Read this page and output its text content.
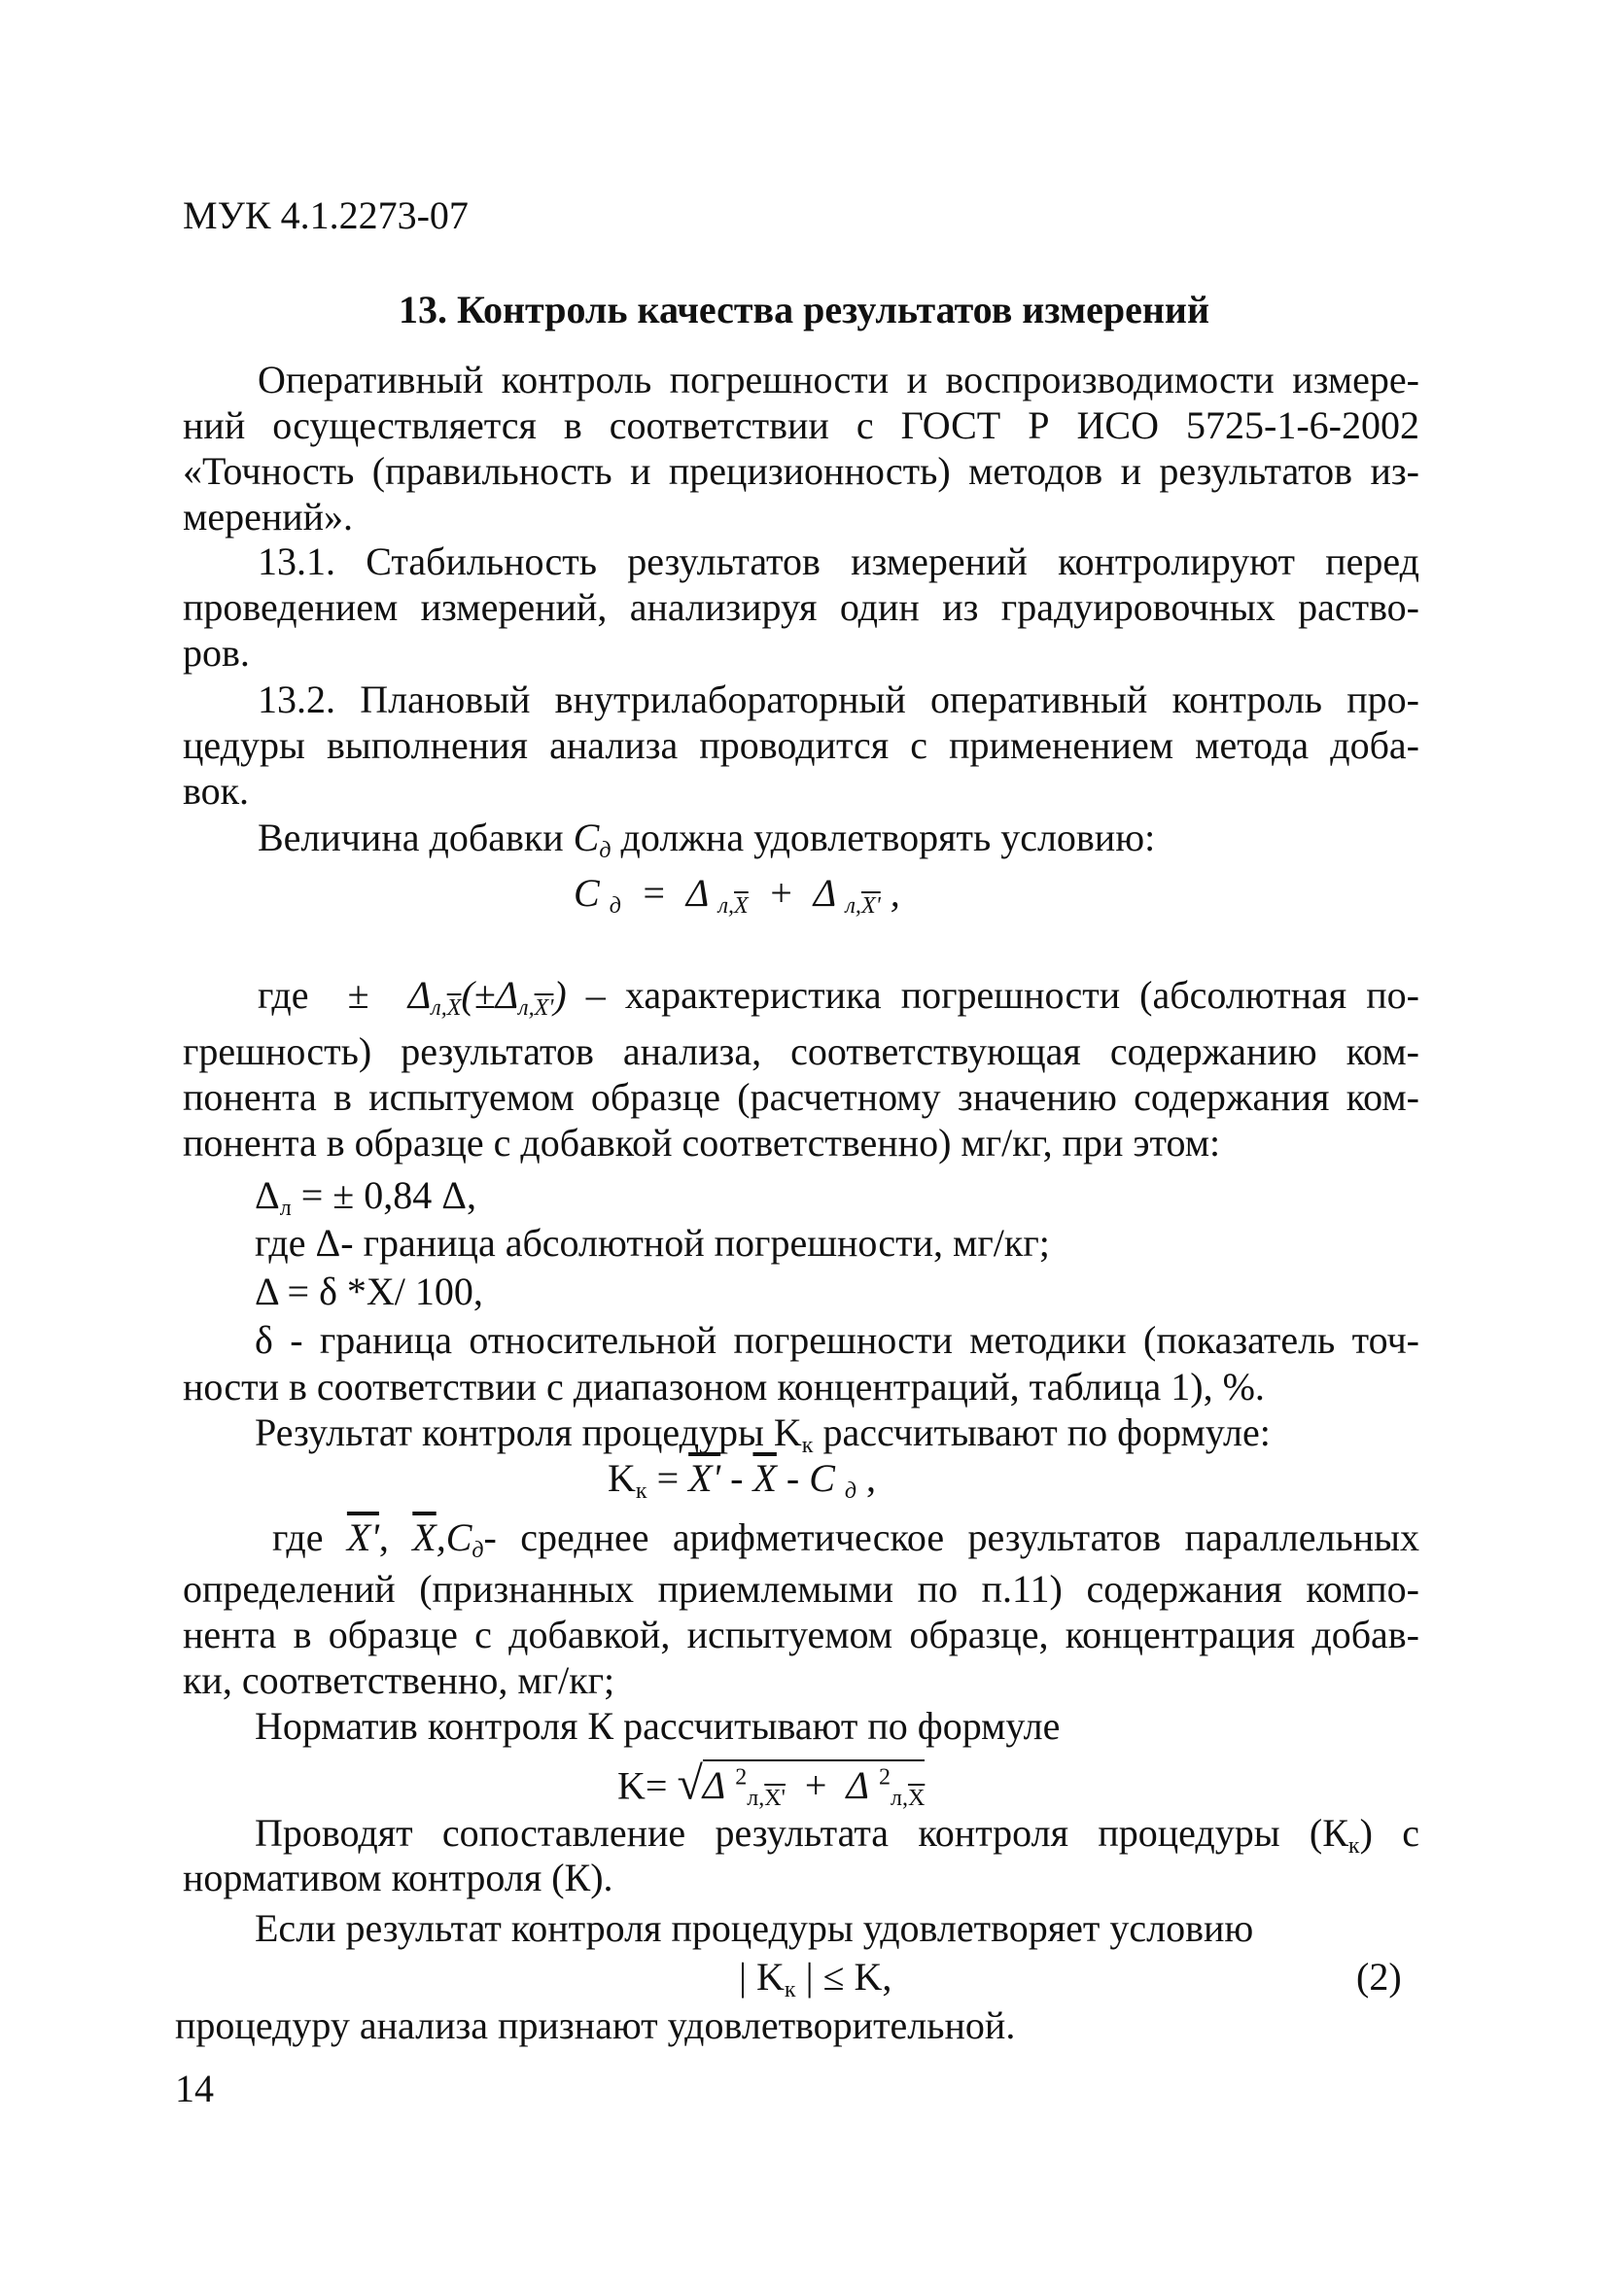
МУК 4.1.2273-07
13. Контроль качества результатов измерений
Оперативный контроль погрешности и воспроизводимости измере-
ний осуществляется в соответствии с ГОСТ Р ИСО 5725-1-6-2002
«Точность (правильность и прецизионность) методов и результатов из-
мерений».
13.1. Стабильность результатов измерений контролируют перед
проведением измерений, анализируя один из градуировочных раство-
ров.
13.2. Плановый внутрилабораторный оперативный контроль про-
цедуры выполнения анализа проводится с применением метода доба-
вок.
Величина добавки $C_д$ должна удовлетворять условию:
C $_д$  =  Δ $_{л,\overline{X}}$  +  Δ $_{л,X'}$ ,
где  ±  $\Delta_{л,\overline{X}}(\pm\Delta_{л,X'})$ – характеристика погрешности (абсолютная по-
грешность) результатов анализа, соответствующая содержанию ком-
понента в испытуемом образце (расчетному значению содержания ком-
понента в образце с добавкой соответственно) мг/кг, при этом:
$\Delta_л$ = ± 0,84 Δ,
где Δ- граница абсолютной погрешности, мг/кг;
Δ = δ *X/ 100,
δ - граница относительной погрешности методики (показатель точ-
ности в соответствии с диапазоном концентраций, таблица 1), %.
Результат контроля процедуры $K_к$ рассчитывают по формуле:
$K_к = X' - \overline{X} - C$ $_д$ ,
где X', $\overline{X},C_д-$ среднее арифметическое результатов параллельных
определений (признанных приемлемыми по п.11) содержания компо-
нента в образце с добавкой, испытуемом образце, концентрация добав-
ки, соответственно, мг/кг;
Норматив контроля К рассчитывают по формуле
K= √Δ $^2_{л,X'}$  +  Δ $^2_{л,\overline{X}}$
Проводят сопоставление результата контроля процедуры $(К_к)$ с
нормативом контроля (К).
Если результат контроля процедуры удовлетворяет условию
| $K_к$ | ≤ K,	(2)
процедуру анализа признают удовлетворительной.
14
